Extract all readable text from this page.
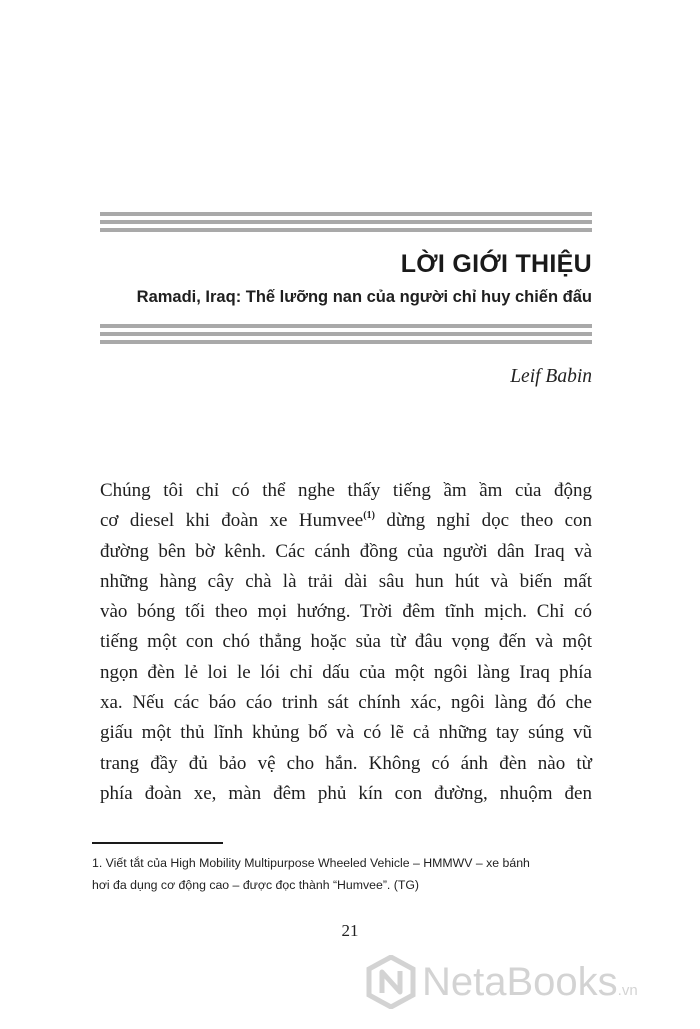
LỜI GIỚI THIỆU
Ramadi, Iraq: Thế lưỡng nan của người chỉ huy chiến đấu
Leif Babin
Chúng tôi chỉ có thể nghe thấy tiếng ầm ầm của động
cơ diesel khi đoàn xe Humvee$^{(1)}$ dừng nghỉ dọc theo con
đường bên bờ kênh. Các cánh đồng của người dân Iraq và
những hàng cây chà là trải dài sâu hun hút và biến mất
vào bóng tối theo mọi hướng. Trời đêm tĩnh mịch. Chỉ có
tiếng một con chó thẳng hoặc sủa từ đâu vọng đến và một
ngọn đèn lẻ loi le lói chỉ dấu của một ngôi làng Iraq phía
xa. Nếu các báo cáo trinh sát chính xác, ngôi làng đó che
giấu một thủ lĩnh khủng bố và có lẽ cả những tay súng vũ
trang đầy đủ bảo vệ cho hắn. Không có ánh đèn nào từ
phía đoàn xe, màn đêm phủ kín con đường, nhuộm đen
1. Viết tắt của High Mobility Multipurpose Wheeled Vehicle – HMMWV – xe bánh
hơi đa dụng cơ động cao – được đọc thành “Humvee”. (TG)
21
NetaBooks.vn
